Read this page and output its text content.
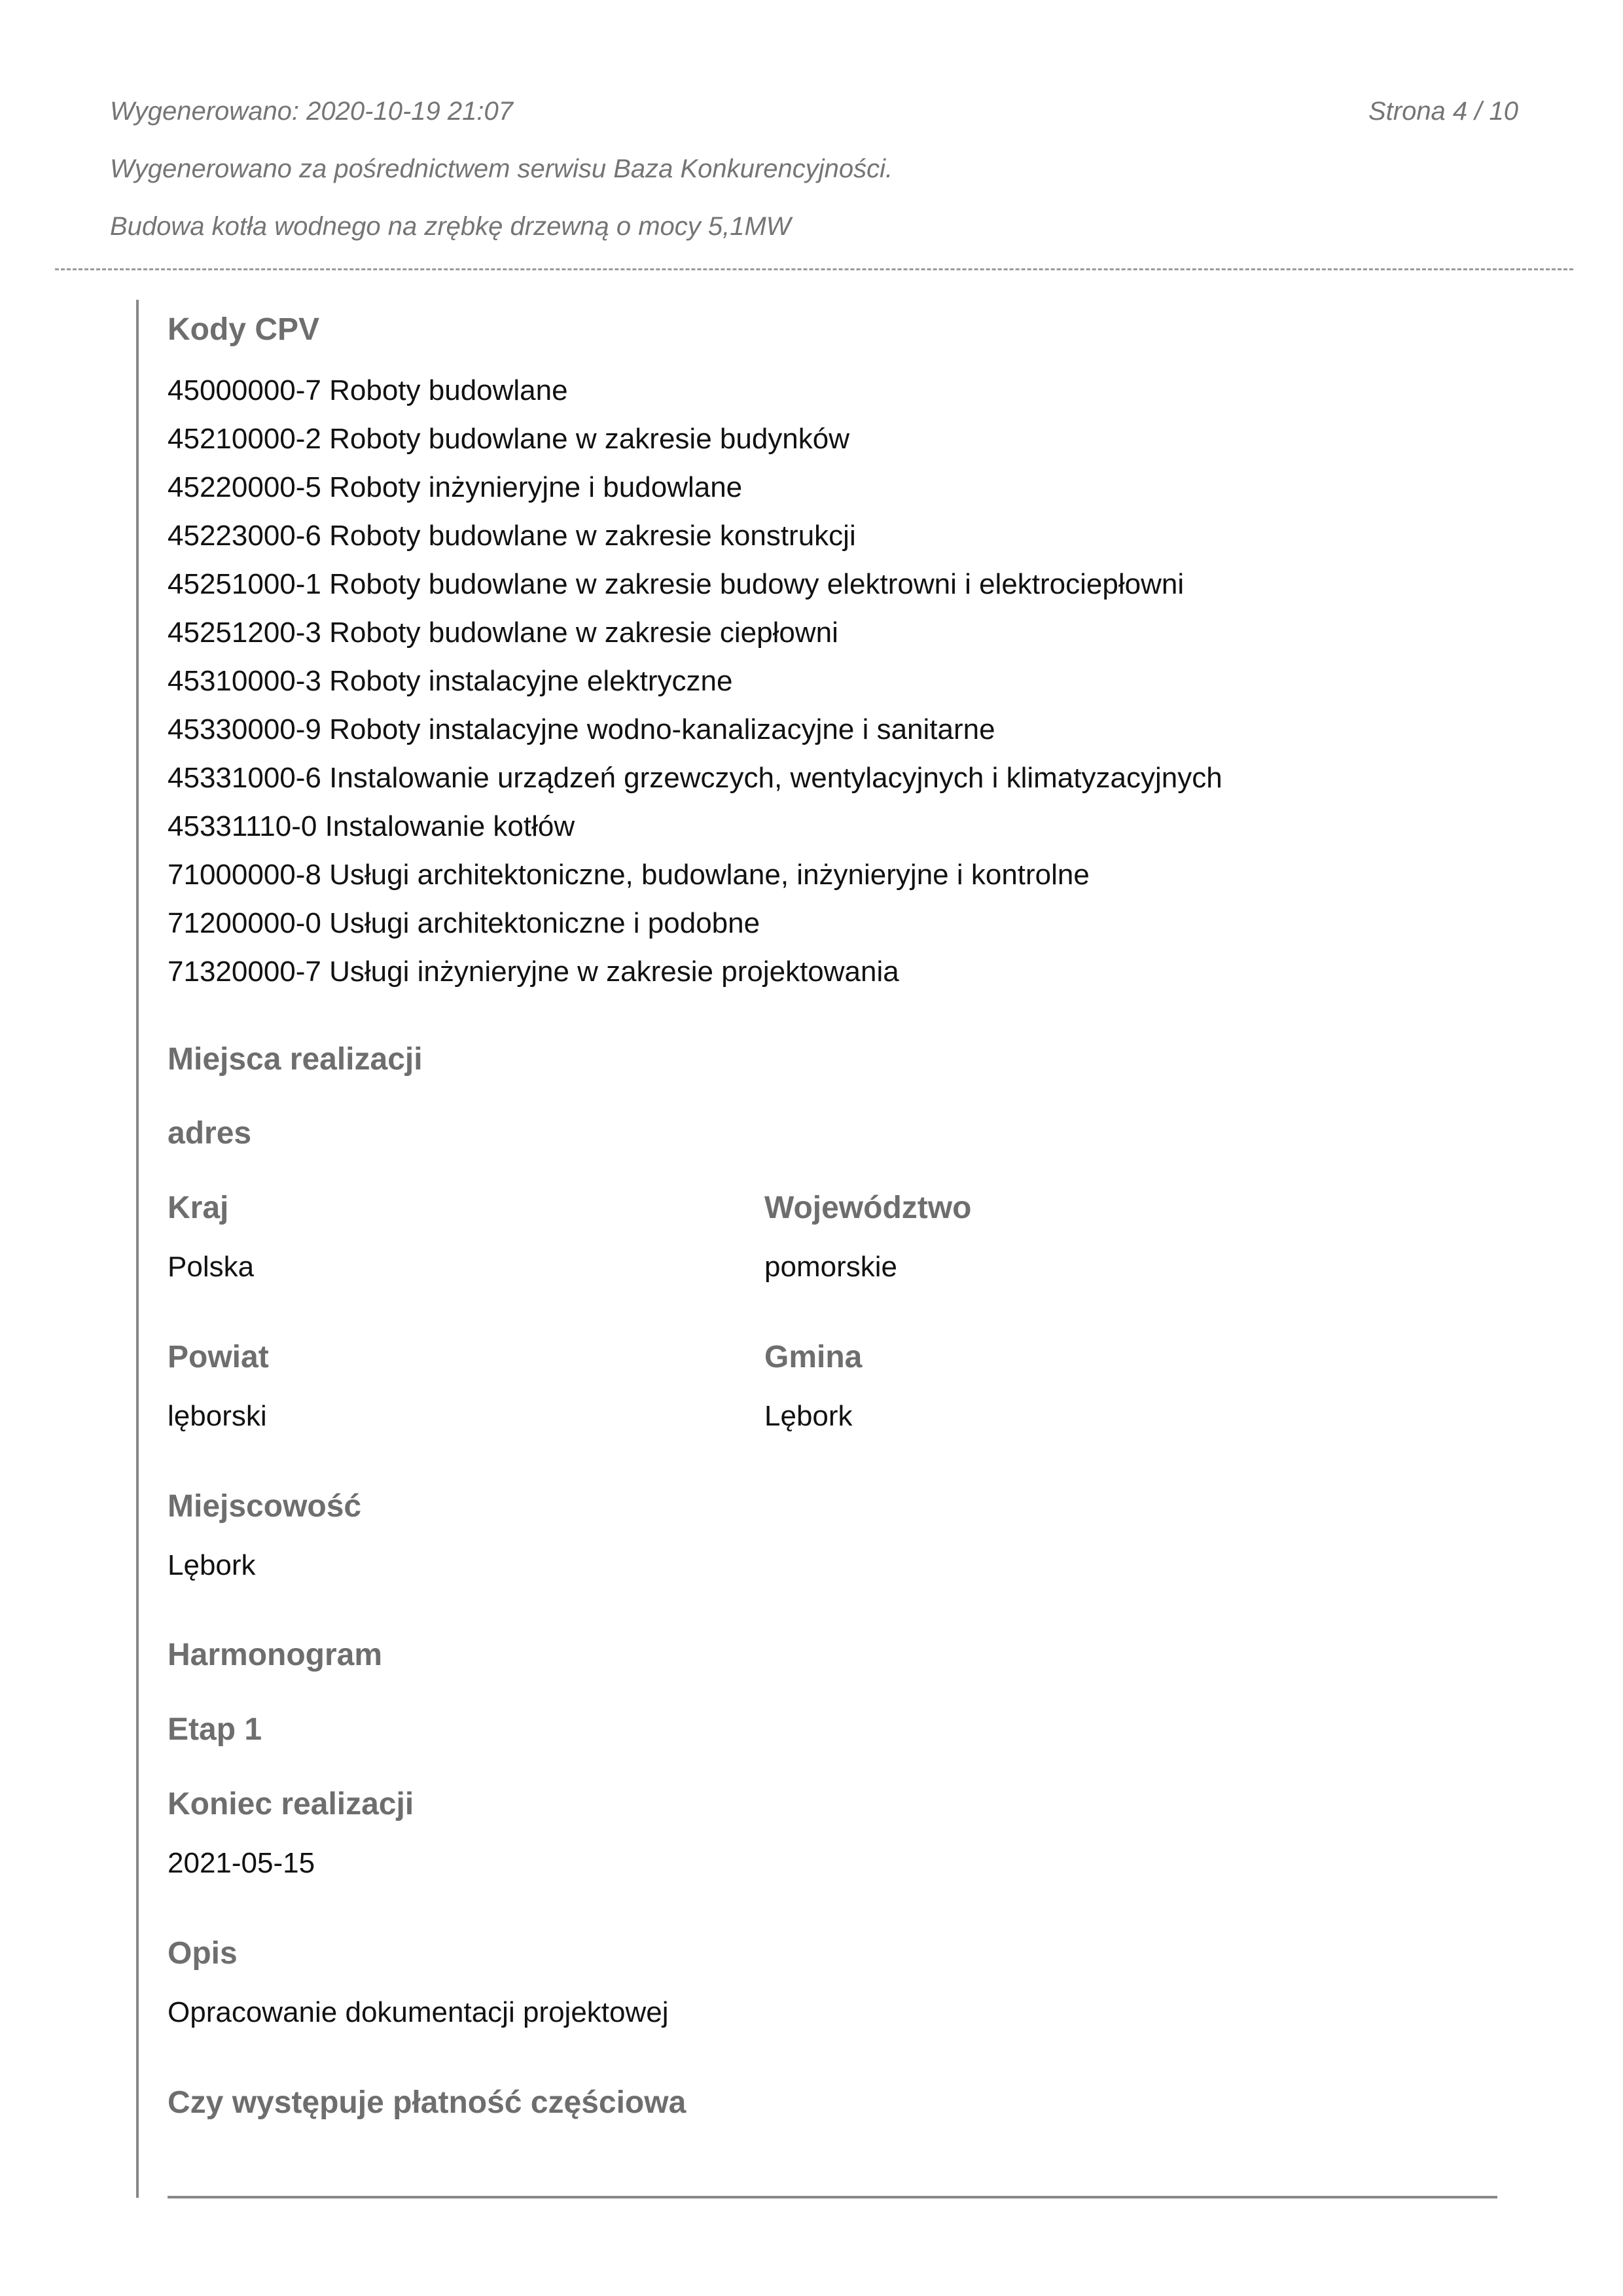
Wygenerowano: 2020-10-19 21:07	Strona 4 / 10
Wygenerowano za pośrednictwem serwisu Baza Konkurencyjności.
Budowa kotła wodnego na zrębkę drzewną o mocy 5,1MW
Kody CPV
45000000-7 Roboty budowlane
45210000-2 Roboty budowlane w zakresie budynków
45220000-5 Roboty inżynieryjne i budowlane
45223000-6 Roboty budowlane w zakresie konstrukcji
45251000-1 Roboty budowlane w zakresie budowy elektrowni i elektrociepłowni
45251200-3 Roboty budowlane w zakresie ciepłowni
45310000-3 Roboty instalacyjne elektryczne
45330000-9 Roboty instalacyjne wodno-kanalizacyjne i sanitarne
45331000-6 Instalowanie urządzeń grzewczych, wentylacyjnych i klimatyzacyjnych
45331110-0 Instalowanie kotłów
71000000-8 Usługi architektoniczne, budowlane, inżynieryjne i kontrolne
71200000-0 Usługi architektoniczne i podobne
71320000-7 Usługi inżynieryjne w zakresie projektowania
Miejsca realizacji
adres
Kraj
Polska
Województwo
pomorskie
Powiat
lęborski
Gmina
Lębork
Miejscowość
Lębork
Harmonogram
Etap 1
Koniec realizacji
2021-05-15
Opis
Opracowanie dokumentacji projektowej
Czy występuje płatność częściowa
